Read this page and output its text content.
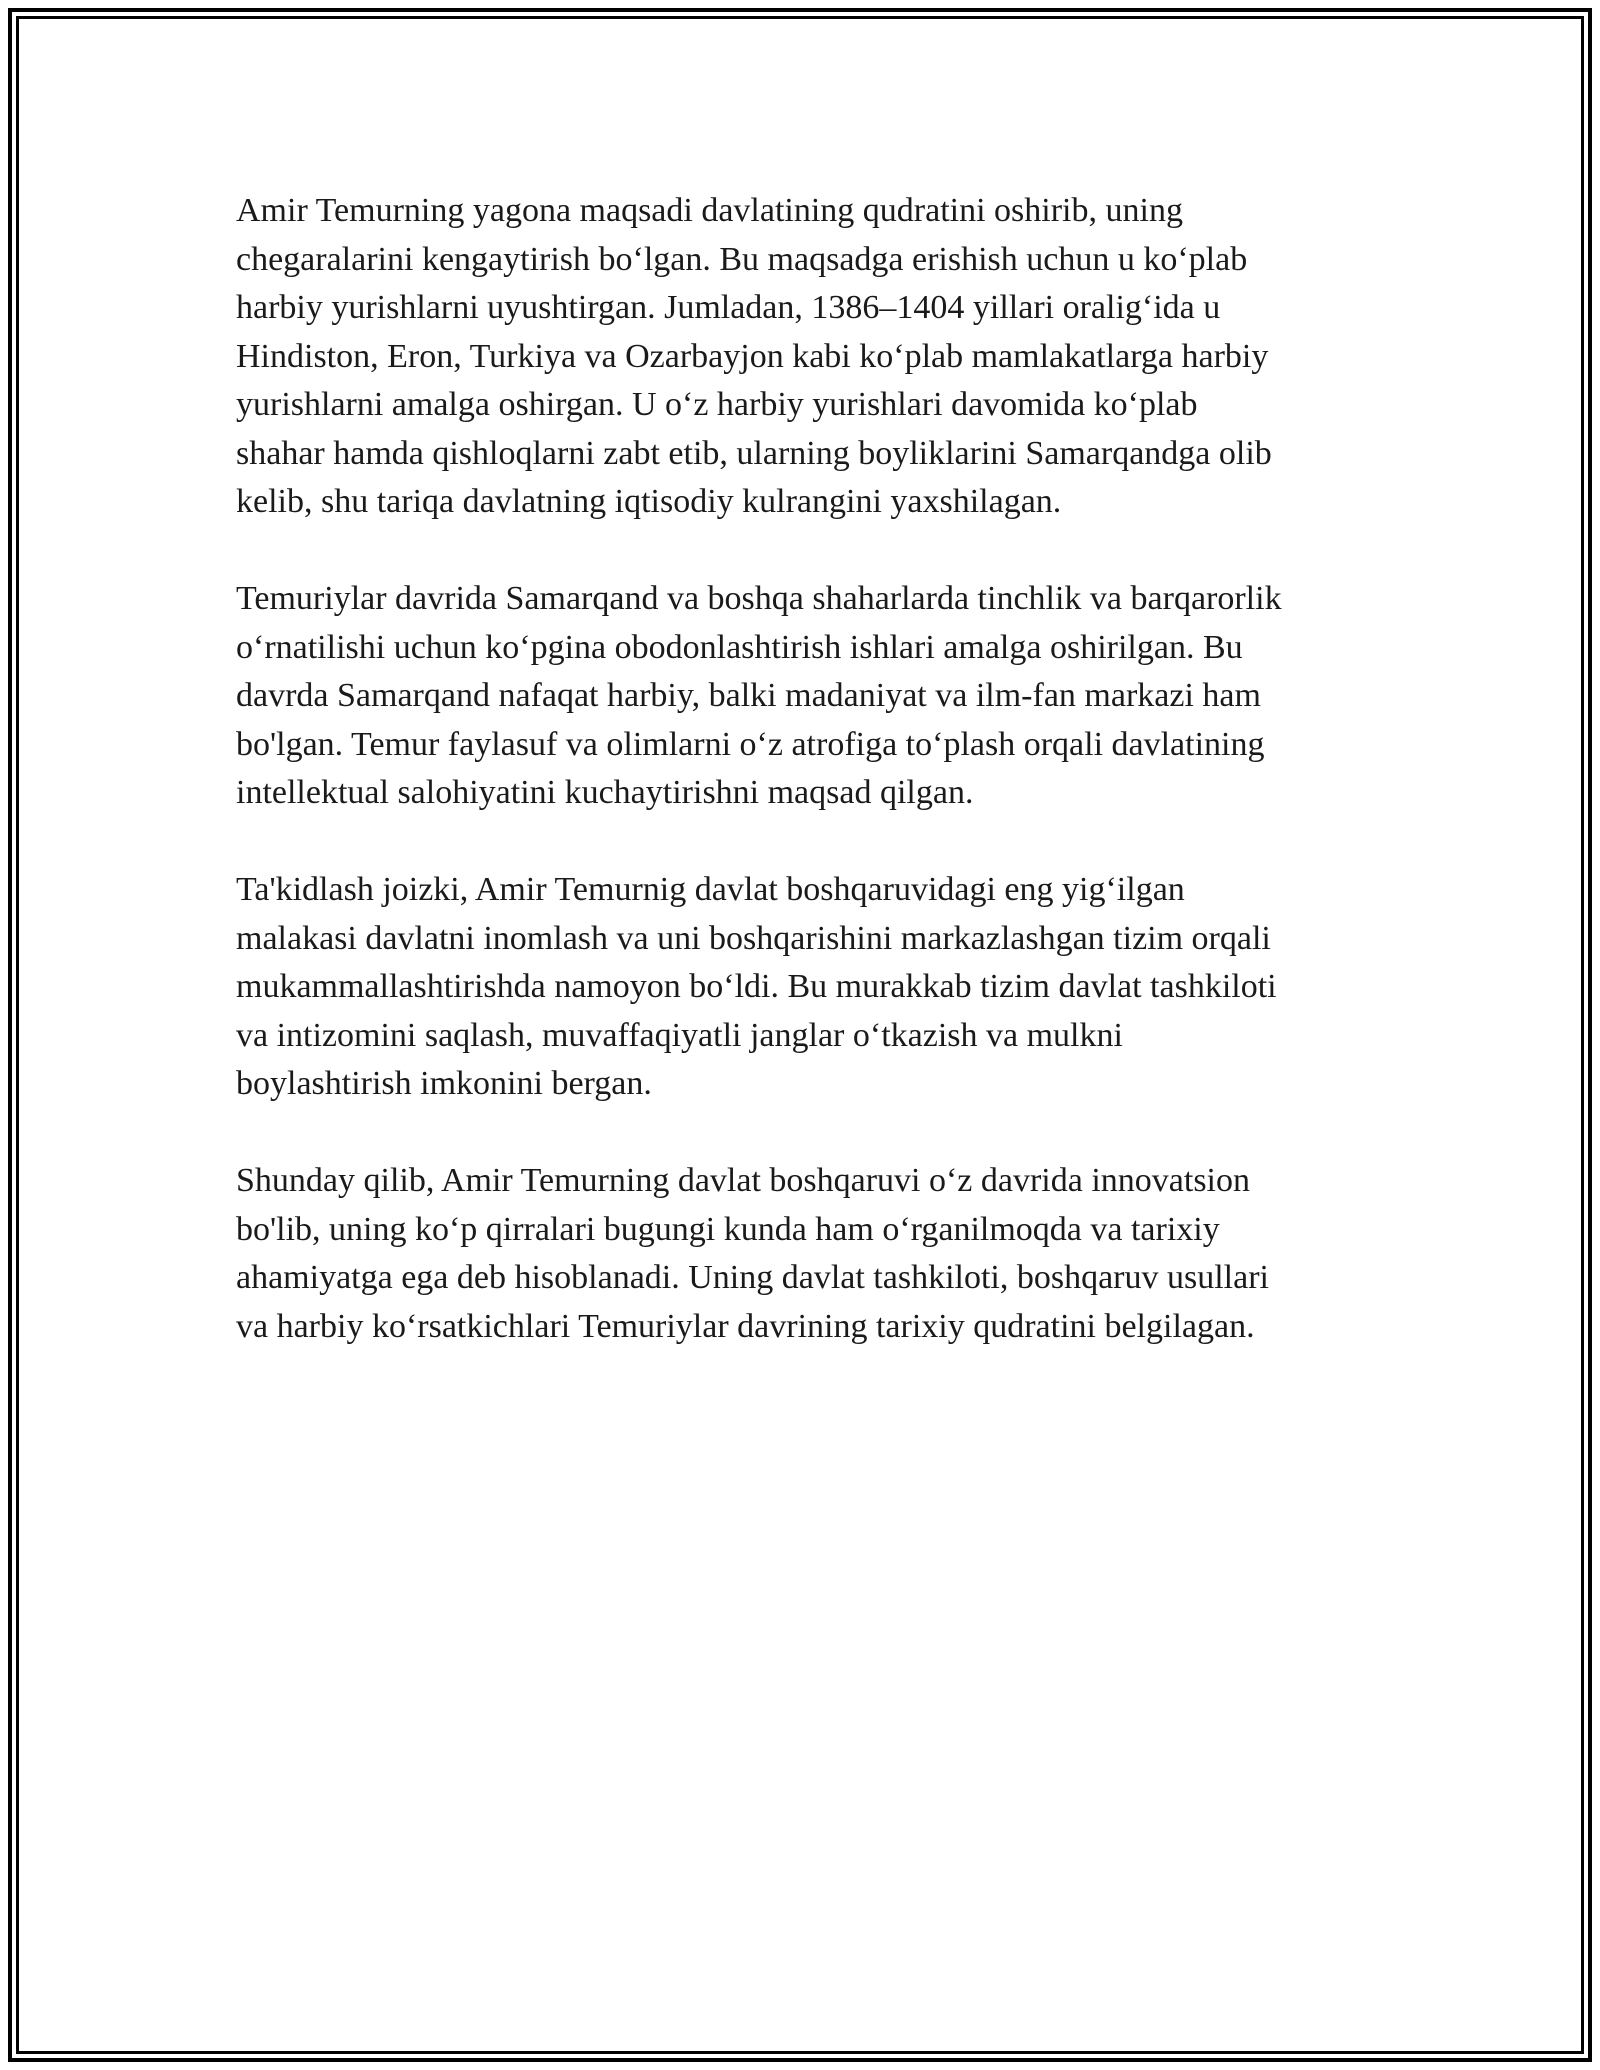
Amir Temurning yagona maqsadi davlatining qudratini oshirib, uning
chegaralarini kengaytirish bo‘lgan. Bu maqsadga erishish uchun u ko‘plab
harbiy yurishlarni uyushtirgan. Jumladan, 1386–1404 yillari oralig‘ida u
Hindiston, Eron, Turkiya va Ozarbayjon kabi ko‘plab mamlakatlarga harbiy
yurishlarni amalga oshirgan. U o‘z harbiy yurishlari davomida ko‘plab
shahar hamda qishloqlarni zabt etib, ularning boyliklarini Samarqandga olib
kelib, shu tariqa davlatning iqtisodiy kulrangini yaxshilagan.

Temuriylar davrida Samarqand va boshqa shaharlarda tinchlik va barqarorlik
o‘rnatilishi uchun ko‘pgina obodonlashtirish ishlari amalga oshirilgan. Bu
davrda Samarqand nafaqat harbiy, balki madaniyat va ilm-fan markazi ham
bo'lgan. Temur faylasuf va olimlarni o‘z atrofiga to‘plash orqali davlatining
intellektual salohiyatini kuchaytirishni maqsad qilgan.

Ta'kidlash joizki, Amir Temurnig davlat boshqaruvidagi eng yig‘ilgan
malakasi davlatni inomlash va uni boshqarishini markazlashgan tizim orqali
mukammallashtirishda namoyon bo‘ldi. Bu murakkab tizim davlat tashkiloti
va intizomini saqlash, muvaffaqiyatli janglar o‘tkazish va mulkni
boylashtirish imkonini bergan.

Shunday qilib, Amir Temurning davlat boshqaruvi o‘z davrida innovatsion
bo'lib, uning ko‘p qirralari bugungi kunda ham o‘rganilmoqda va tarixiy
ahamiyatga ega deb hisoblanadi. Uning davlat tashkiloti, boshqaruv usullari
va harbiy ko‘rsatkichlari Temuriylar davrining tarixiy qudratini belgilagan.
